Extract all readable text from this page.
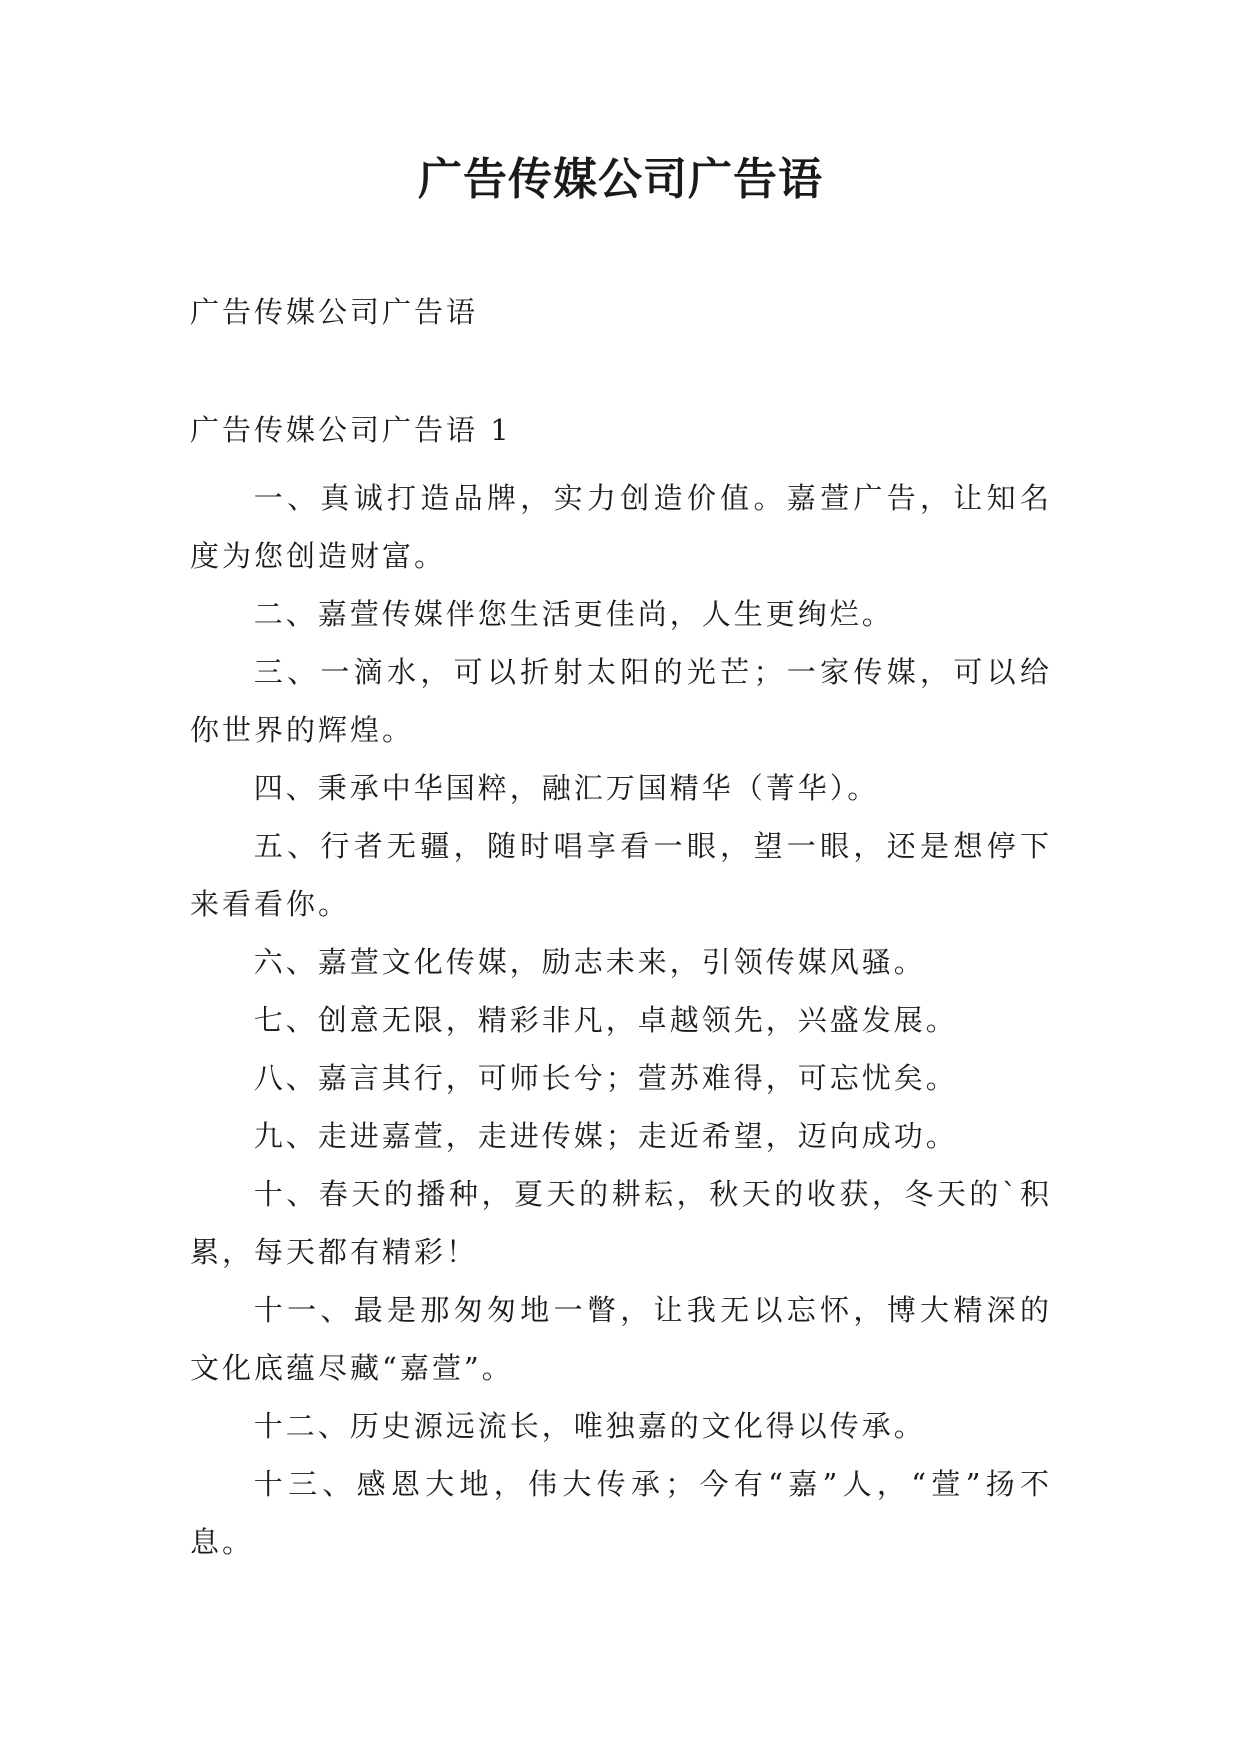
广告传媒公司广告语
广告传媒公司广告语
广告传媒公司广告语 1

一、真诚打造品牌，实力创造价值。嘉萱广告，让知名度为您创造财富。

二、嘉萱传媒伴您生活更佳尚，人生更绚烂。

三、一滴水，可以折射太阳的光芒；一家传媒，可以给你世界的辉煌。

四、秉承中华国粹，融汇万国精华（菁华）。

五、行者无疆，随时唱享看一眼，望一眼，还是想停下来看看你。

六、嘉萱文化传媒，励志未来，引领传媒风骚。

七、创意无限，精彩非凡，卓越领先，兴盛发展。

八、嘉言其行，可师长兮；萱苏难得，可忘忧矣。

九、走进嘉萱，走进传媒；走近希望，迈向成功。

十、春天的播种，夏天的耕耘，秋天的收获，冬天的`积累，每天都有精彩！

十一、最是那匆匆地一瞥，让我无以忘怀，博大精深的文化底蕴尽藏“嘉萱”。

十二、历史源远流长，唯独嘉的文化得以传承。

十三、感恩大地，伟大传承；今有“嘉”人，“萱”扬不息。
